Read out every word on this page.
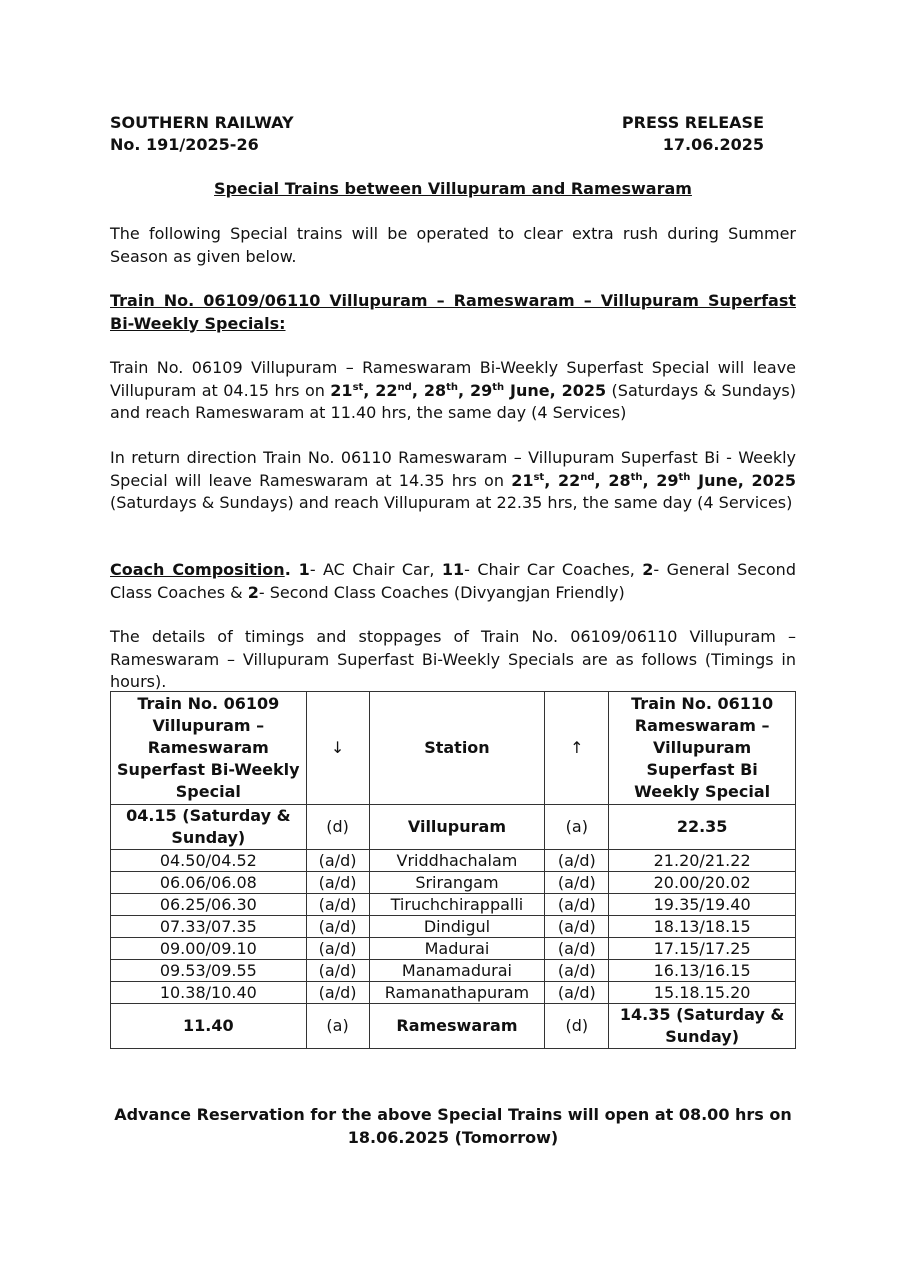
SOUTHERN RAILWAY
No. 191/2025-26
PRESS RELEASE
17.06.2025
Special Trains between Villupuram and Rameswaram
The following Special trains will be operated to clear extra rush during Summer Season as given below.
Train No. 06109/06110 Villupuram – Rameswaram – Villupuram Superfast Bi-Weekly Specials:
Train No. 06109 Villupuram – Rameswaram Bi-Weekly Superfast Special will leave Villupuram at 04.15 hrs on 21st, 22nd, 28th, 29th June, 2025 (Saturdays & Sundays) and reach Rameswaram at 11.40 hrs, the same day (4 Services)
In return direction Train No. 06110 Rameswaram – Villupuram Superfast Bi - Weekly Special will leave Rameswaram at 14.35 hrs on 21st, 22nd, 28th, 29th June, 2025 (Saturdays & Sundays) and reach Villupuram at 22.35 hrs, the same day (4 Services)
Coach Composition. 1- AC Chair Car, 11- Chair Car Coaches, 2- General Second Class Coaches & 2- Second Class Coaches (Divyangjan Friendly)
The details of timings and stoppages of Train No. 06109/06110 Villupuram – Rameswaram – Villupuram Superfast Bi-Weekly Specials are as follows (Timings in hours).
Train No. 06109 Villupuram – Rameswaram Superfast Bi-Weekly Special	↓	Station	↑	Train No. 06110 Rameswaram – Villupuram Superfast Bi Weekly Special
04.15 (Saturday & Sunday)	(d)	Villupuram	(a)	22.35
04.50/04.52	(a/d)	Vriddhachalam	(a/d)	21.20/21.22
06.06/06.08	(a/d)	Srirangam	(a/d)	20.00/20.02
06.25/06.30	(a/d)	Tiruchchirappalli	(a/d)	19.35/19.40
07.33/07.35	(a/d)	Dindigul	(a/d)	18.13/18.15
09.00/09.10	(a/d)	Madurai	(a/d)	17.15/17.25
09.53/09.55	(a/d)	Manamadurai	(a/d)	16.13/16.15
10.38/10.40	(a/d)	Ramanathapuram	(a/d)	15.18.15.20
11.40	(a)	Rameswaram	(d)	14.35 (Saturday & Sunday)
Advance Reservation for the above Special Trains will open at 08.00 hrs on 18.06.2025 (Tomorrow)
